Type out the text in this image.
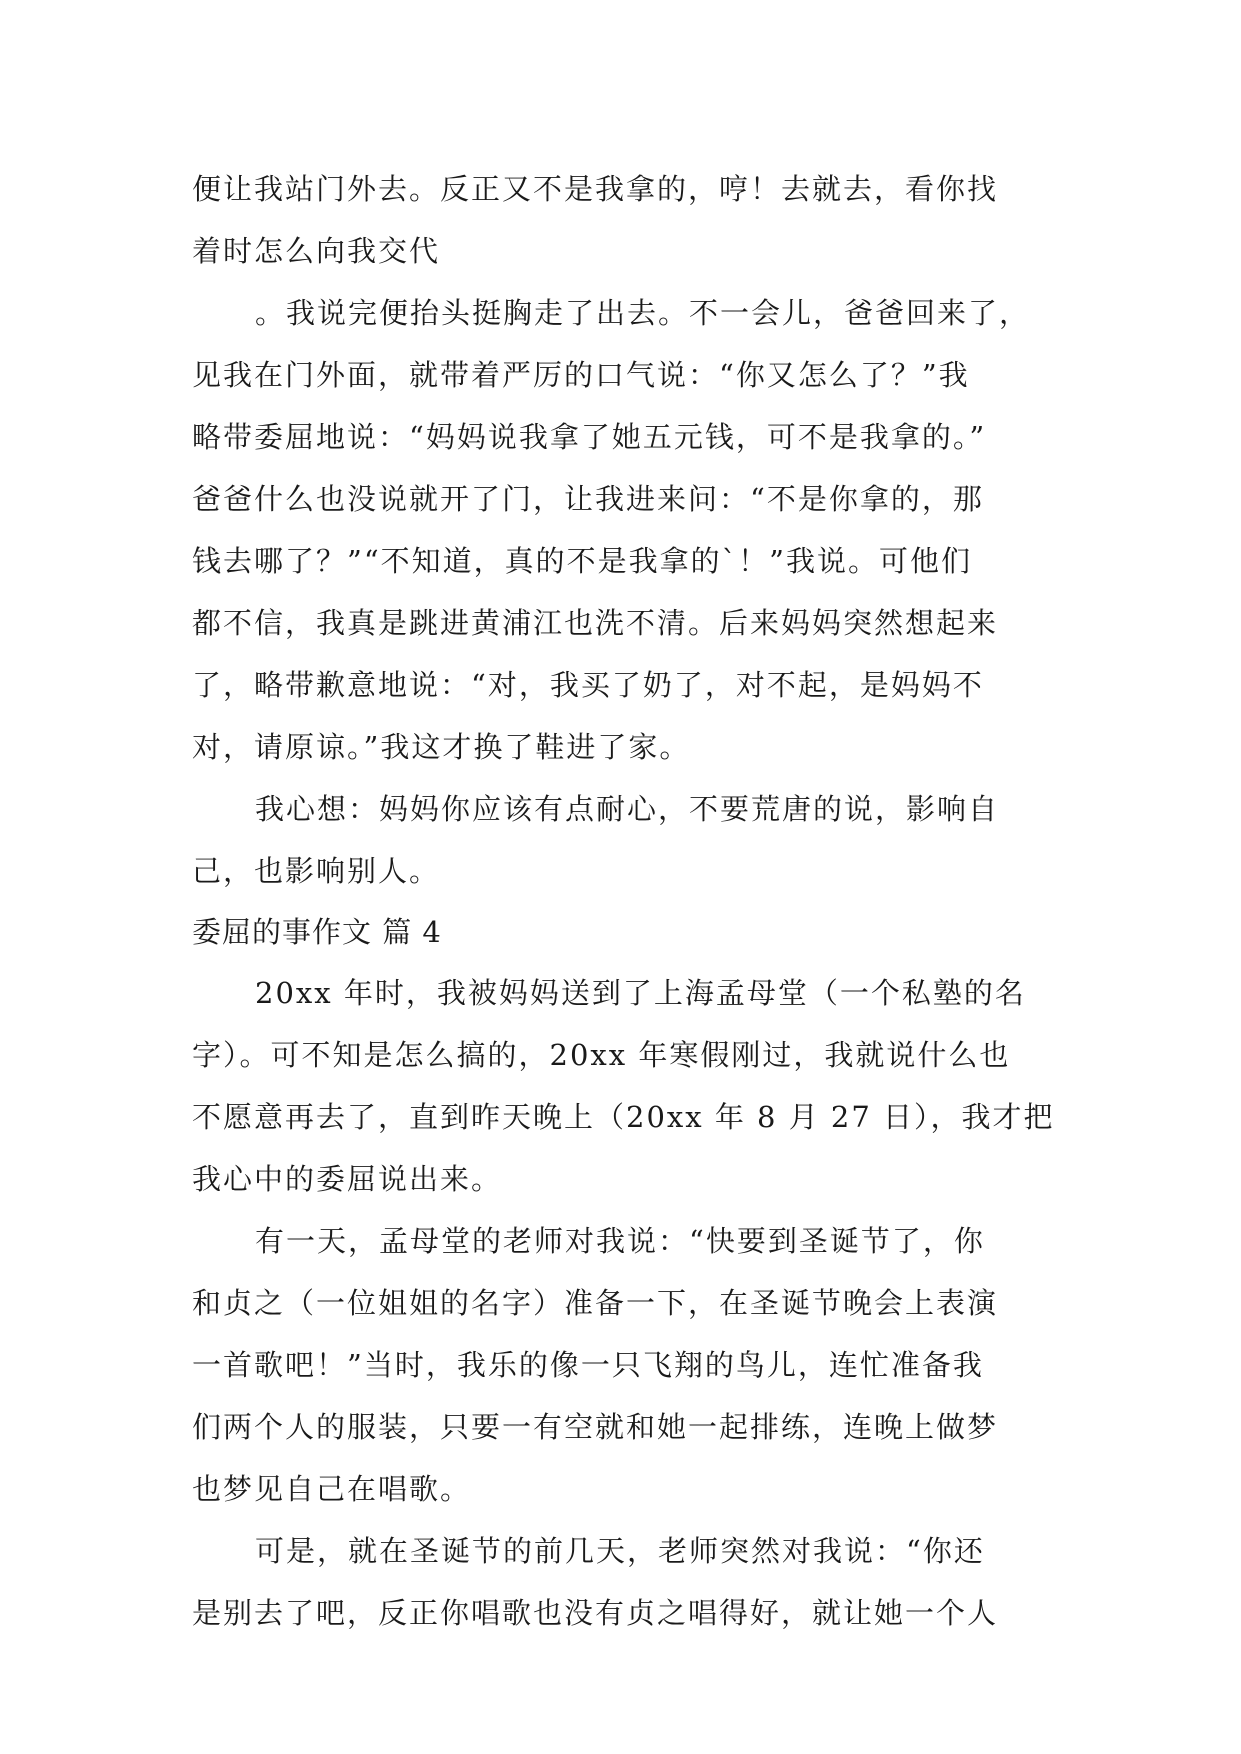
便让我站门外去。反正又不是我拿的，哼！去就去，看你找
着时怎么向我交代
。我说完便抬头挺胸走了出去。不一会儿，爸爸回来了，
见我在门外面，就带着严厉的口气说：“你又怎么了？”我
略带委屈地说：“妈妈说我拿了她五元钱，可不是我拿的。”
爸爸什么也没说就开了门，让我进来问：“不是你拿的，那
钱去哪了？”“不知道，真的不是我拿的`！”我说。可他们
都不信，我真是跳进黄浦江也洗不清。后来妈妈突然想起来
了，略带歉意地说：“对，我买了奶了，对不起，是妈妈不
对，请原谅。”我这才换了鞋进了家。
我心想：妈妈你应该有点耐心，不要荒唐的说，影响自
己，也影响别人。
委屈的事作文 篇 4
20xx 年时，我被妈妈送到了上海孟母堂（一个私塾的名
字）。可不知是怎么搞的，20xx 年寒假刚过，我就说什么也
不愿意再去了，直到昨天晚上（20xx 年 8 月 27 日），我才把
我心中的委屈说出来。
有一天，孟母堂的老师对我说：“快要到圣诞节了，你
和贞之（一位姐姐的名字）准备一下，在圣诞节晚会上表演
一首歌吧！”当时，我乐的像一只飞翔的鸟儿，连忙准备我
们两个人的服装，只要一有空就和她一起排练，连晚上做梦
也梦见自己在唱歌。
可是，就在圣诞节的前几天，老师突然对我说：“你还
是别去了吧，反正你唱歌也没有贞之唱得好，就让她一个人
